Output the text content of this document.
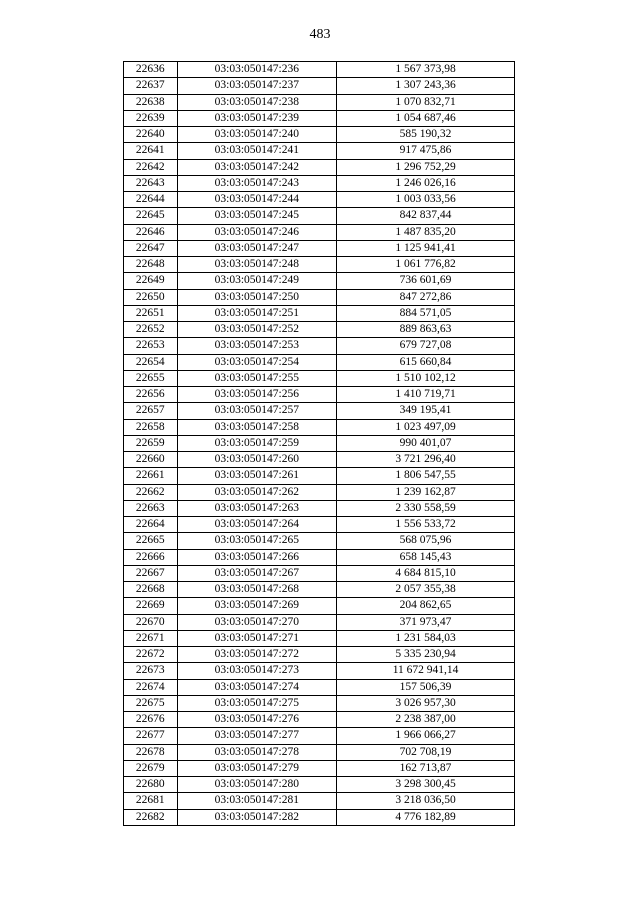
483
22636	03:03:050147:236	1 567 373,98
22637	03:03:050147:237	1 307 243,36
22638	03:03:050147:238	1 070 832,71
22639	03:03:050147:239	1 054 687,46
22640	03:03:050147:240	585 190,32
22641	03:03:050147:241	917 475,86
22642	03:03:050147:242	1 296 752,29
22643	03:03:050147:243	1 246 026,16
22644	03:03:050147:244	1 003 033,56
22645	03:03:050147:245	842 837,44
22646	03:03:050147:246	1 487 835,20
22647	03:03:050147:247	1 125 941,41
22648	03:03:050147:248	1 061 776,82
22649	03:03:050147:249	736 601,69
22650	03:03:050147:250	847 272,86
22651	03:03:050147:251	884 571,05
22652	03:03:050147:252	889 863,63
22653	03:03:050147:253	679 727,08
22654	03:03:050147:254	615 660,84
22655	03:03:050147:255	1 510 102,12
22656	03:03:050147:256	1 410 719,71
22657	03:03:050147:257	349 195,41
22658	03:03:050147:258	1 023 497,09
22659	03:03:050147:259	990 401,07
22660	03:03:050147:260	3 721 296,40
22661	03:03:050147:261	1 806 547,55
22662	03:03:050147:262	1 239 162,87
22663	03:03:050147:263	2 330 558,59
22664	03:03:050147:264	1 556 533,72
22665	03:03:050147:265	568 075,96
22666	03:03:050147:266	658 145,43
22667	03:03:050147:267	4 684 815,10
22668	03:03:050147:268	2 057 355,38
22669	03:03:050147:269	204 862,65
22670	03:03:050147:270	371 973,47
22671	03:03:050147:271	1 231 584,03
22672	03:03:050147:272	5 335 230,94
22673	03:03:050147:273	11 672 941,14
22674	03:03:050147:274	157 506,39
22675	03:03:050147:275	3 026 957,30
22676	03:03:050147:276	2 238 387,00
22677	03:03:050147:277	1 966 066,27
22678	03:03:050147:278	702 708,19
22679	03:03:050147:279	162 713,87
22680	03:03:050147:280	3 298 300,45
22681	03:03:050147:281	3 218 036,50
22682	03:03:050147:282	4 776 182,89
